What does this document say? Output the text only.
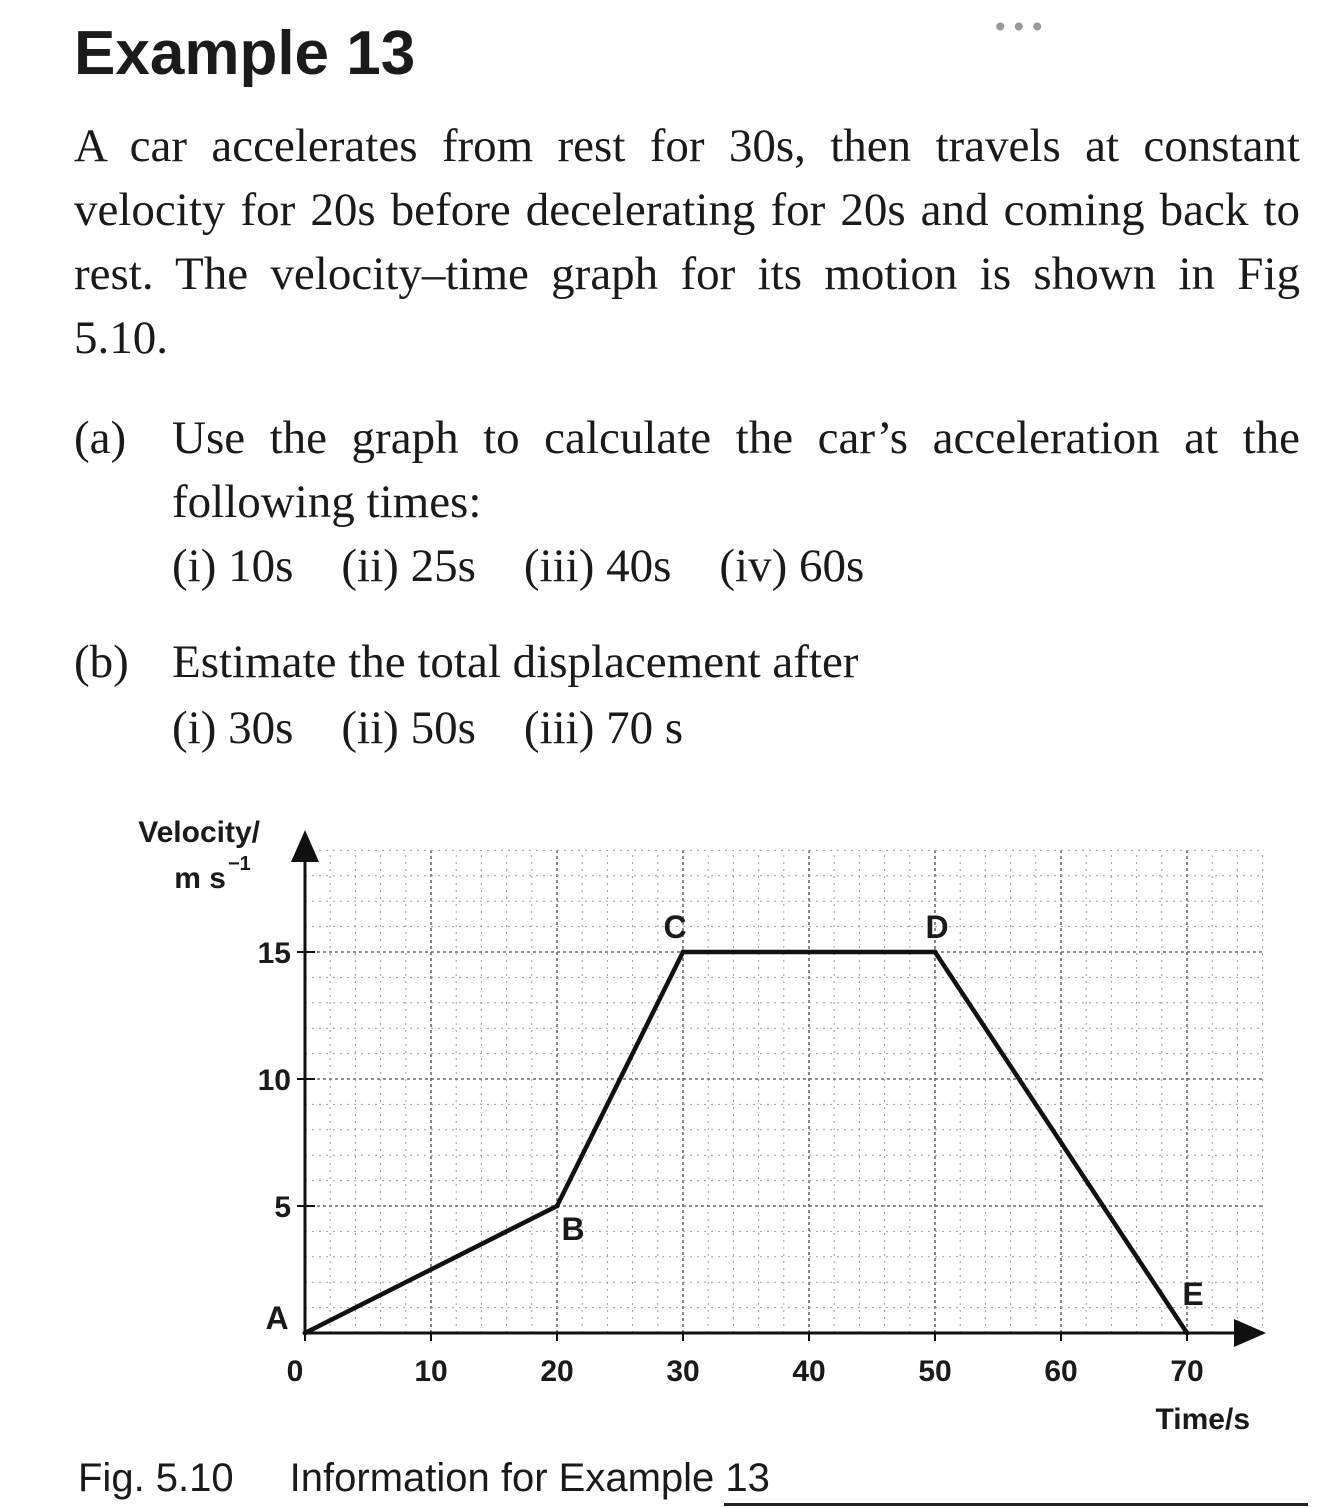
•••
Example 13

A car accelerates from rest for 30s, then travels at constant velocity for 20s before decelerating for 20s and coming back to rest. The velocity–time graph for its motion is shown in Fig 5.10.

(a) Use the graph to calculate the car’s acceleration at the following times:
(i) 10s (ii) 25s (iii) 40s (iv) 60s
(b) Estimate the total displacement after
(i) 30s (ii) 50s (iii) 70 s
0	10	20	30	40	50	60	70
5
10
15
Velocity/
m s −1
Time/s
A
B
C	D
E

Fig. 5.10 Information for Example 13
